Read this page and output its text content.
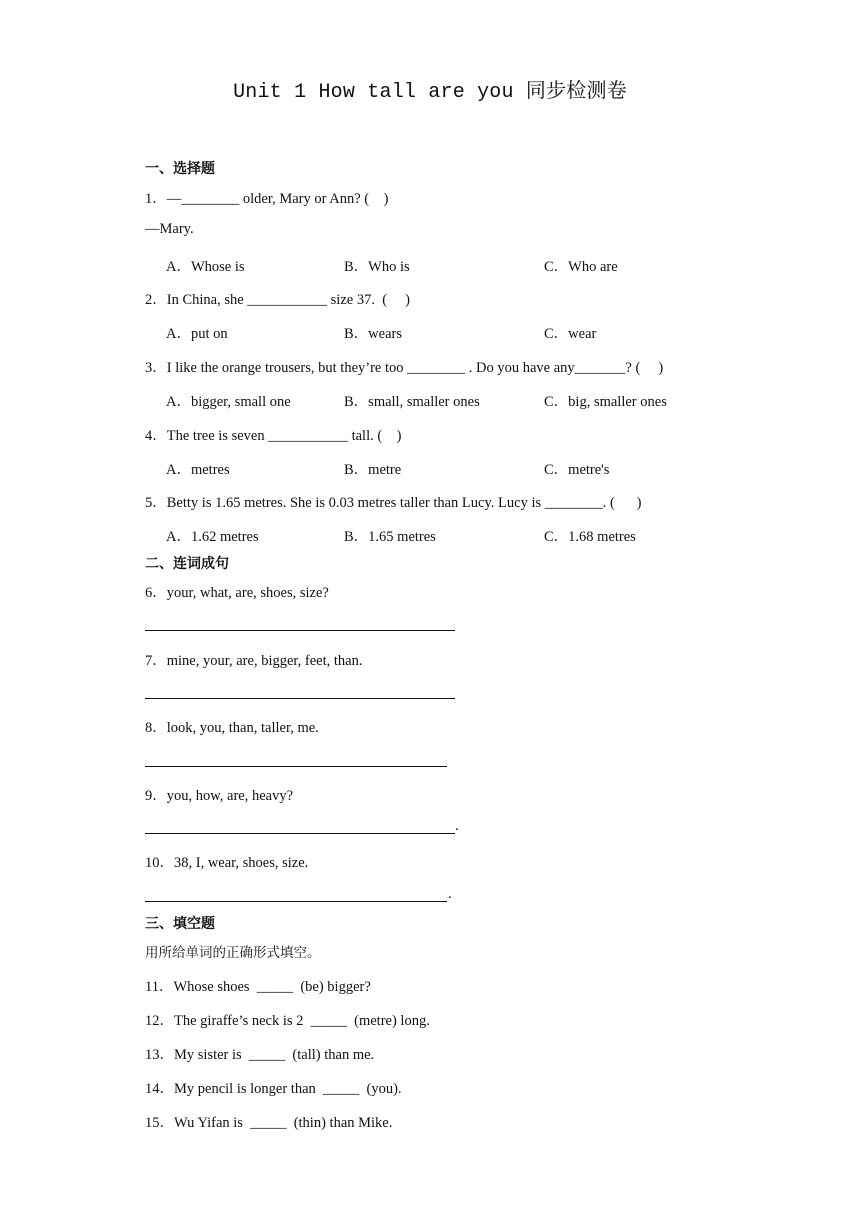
Unit 1 How tall are you 同步检测卷
一、选择题
1．—________ older, Mary or Ann? (    )
—Mary.
A．Whose is	B．Who is	C．Who are
2．In China, she ___________ size 37.  (     )
A．put on	B．wears	C．wear
3．I like the orange trousers, but they’re too ________ . Do you have any_______? (     )
A．bigger, small one	B．small, smaller ones	C．big, smaller ones
4．The tree is seven ___________ tall. (    )
A．metres	B．metre	C．metre's
5．Betty is 1.65 metres. She is 0.03 metres taller than Lucy. Lucy is ________. (      )
A．1.62 metres	B．1.65 metres	C．1.68 metres
二、连词成句
6．your, what, are, shoes, size?
7．mine, your, are, bigger, feet, than.
8．look, you, than, taller, me.
9．you, how, are, heavy?
.
10．38, I, wear, shoes, size.
.
三、填空题
用所给单词的正确形式填空。
11．Whose shoes  _____  (be) bigger?
12．The giraffe’s neck is 2  _____  (metre) long.
13．My sister is  _____  (tall) than me.
14．My pencil is longer than  _____  (you).
15．Wu Yifan is  _____  (thin) than Mike.
